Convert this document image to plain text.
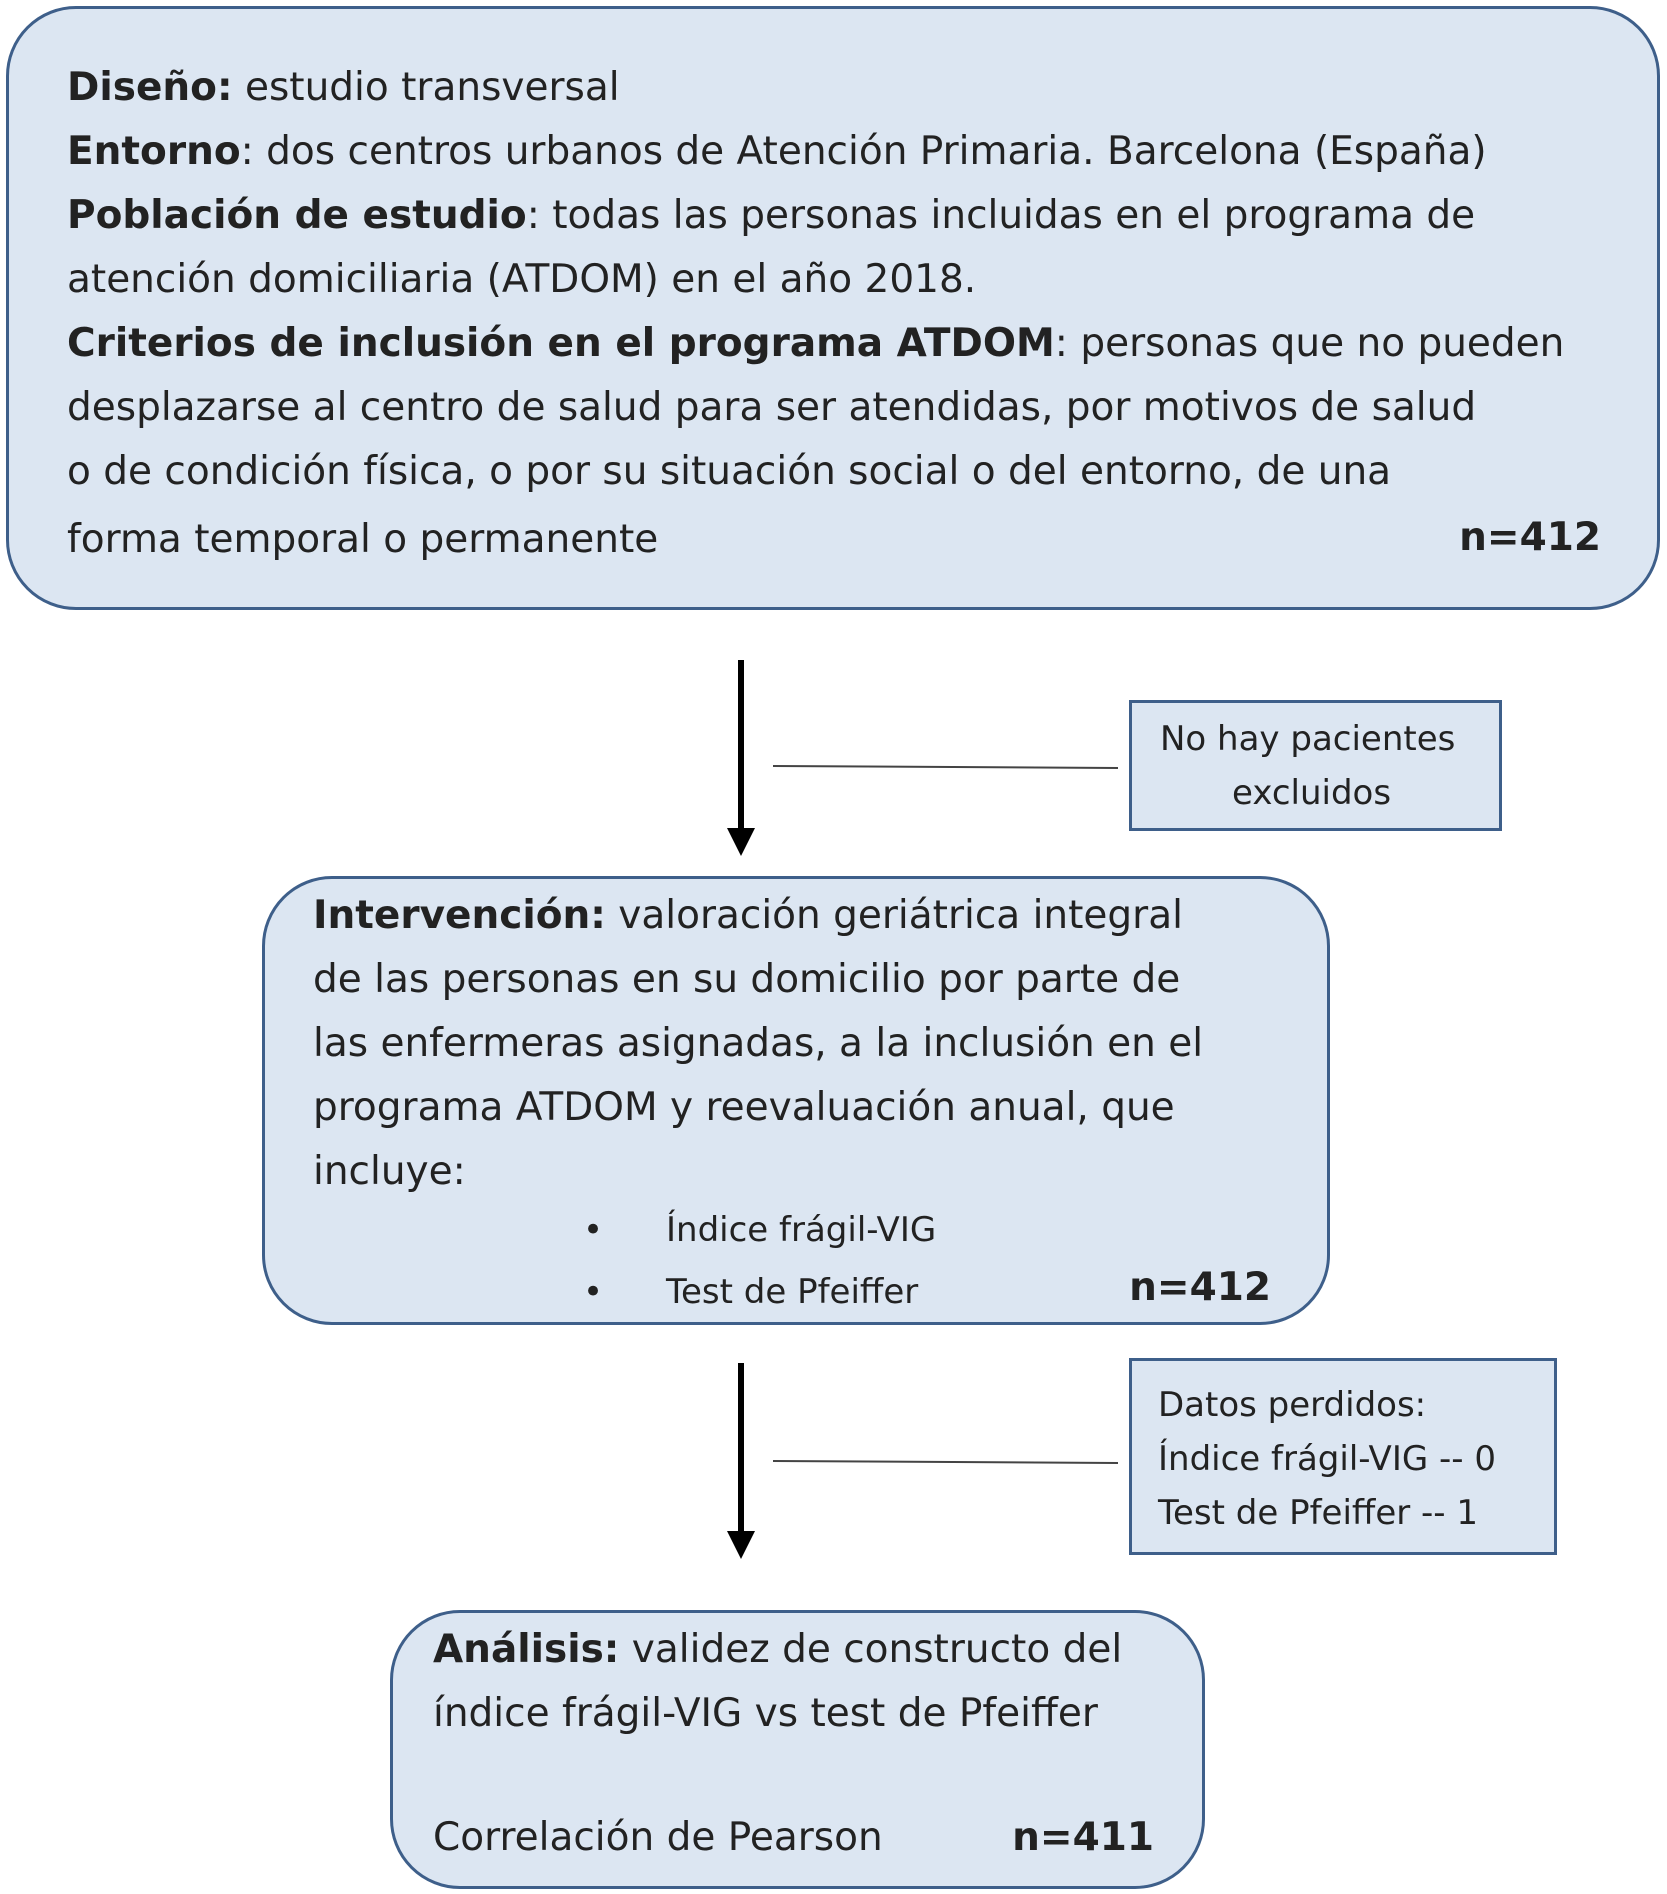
Diseño: estudio transversal
Entorno: dos centros urbanos de Atención Primaria. Barcelona (España)
Población de estudio: todas las personas incluidas en el programa de
atención domiciliaria (ATDOM) en el año 2018.
Criterios de inclusión en el programa ATDOM: personas que no pueden
desplazarse al centro de salud para ser atendidas, por motivos de salud
o de condición física, o por su situación social o del entorno, de una
forma temporal o permanente	n=412
No hay pacientes
excluidos
Intervención: valoración geriátrica integral
de las personas en su domicilio por parte de
las enfermeras asignadas, a la inclusión en el
programa ATDOM y reevaluación anual, que
incluye:
• Índice frágil-VIG
• Test de Pfeiffer	n=412
Datos perdidos:
Índice frágil-VIG -- 0
Test de Pfeiffer -- 1
Análisis: validez de constructo del
índice frágil-VIG vs test de Pfeiffer
Correlación de Pearson	n=411
